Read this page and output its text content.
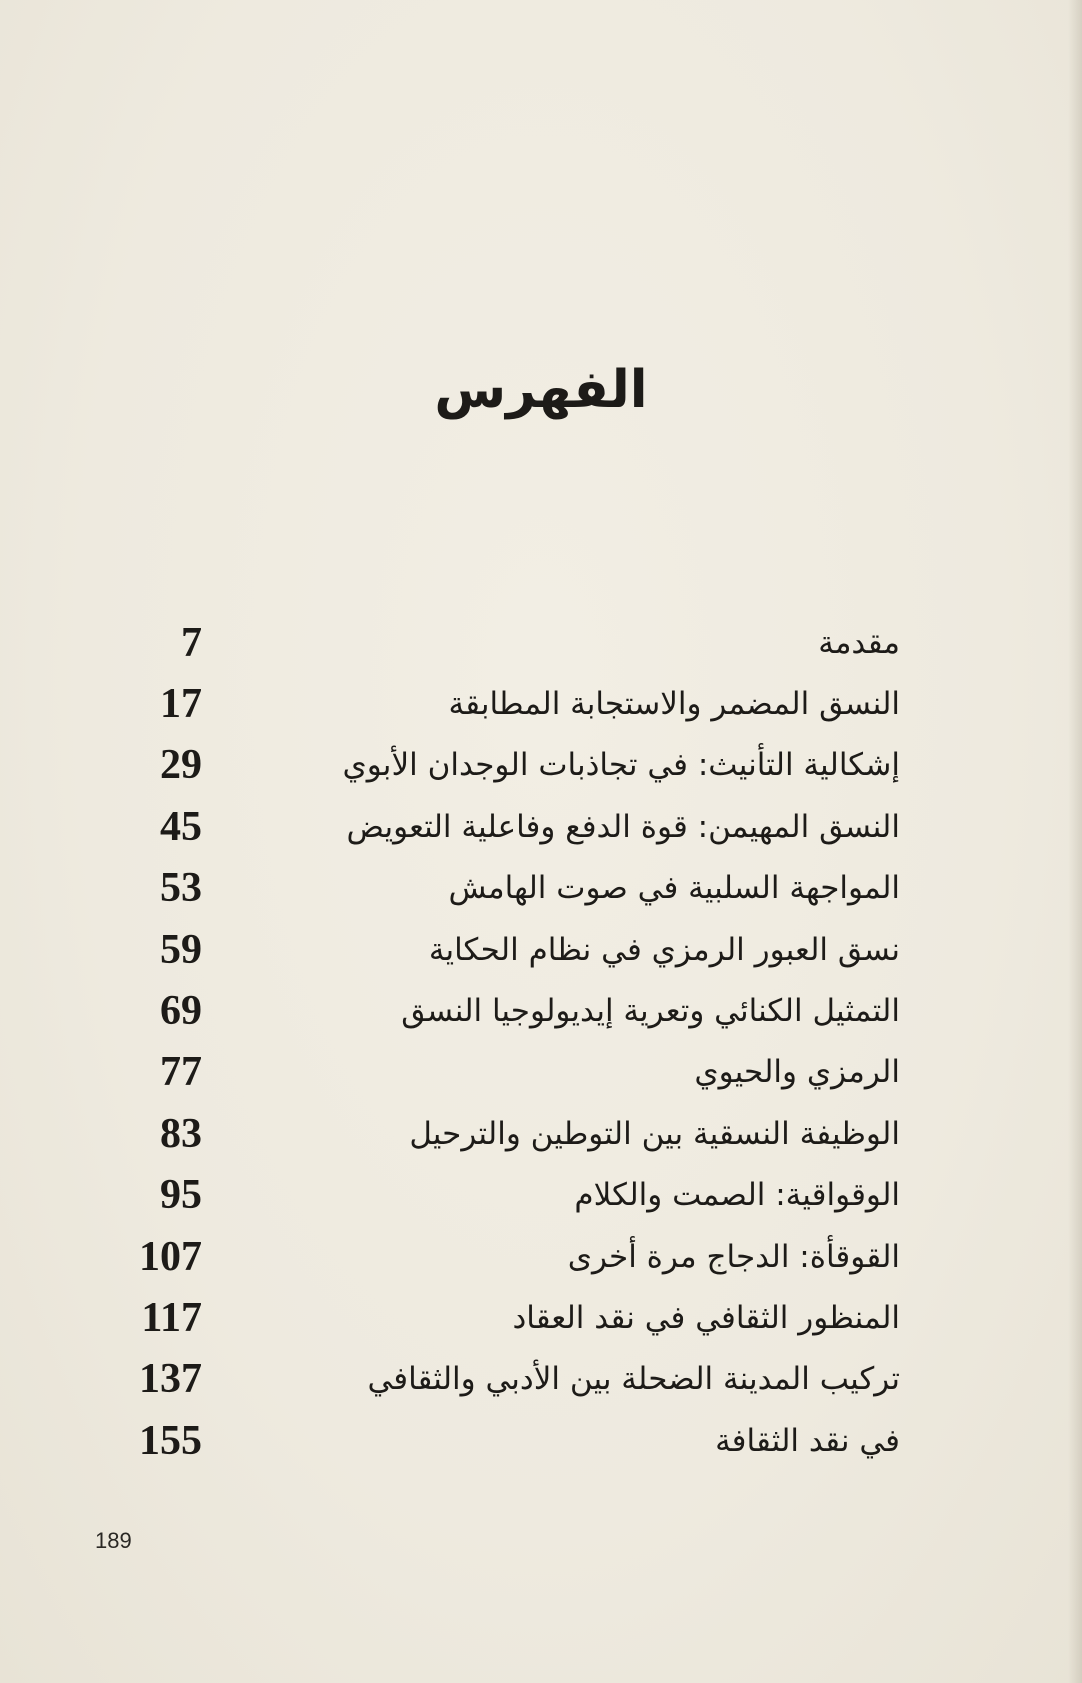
الفهرس
مقدمة
7
النسق المضمر والاستجابة المطابقة
17
إشكالية التأنيث: في تجاذبات الوجدان الأبوي
29
النسق المهيمن: قوة الدفع وفاعلية التعويض
45
المواجهة السلبية في صوت الهامش
53
نسق العبور الرمزي في نظام الحكاية
59
التمثيل الكنائي وتعرية إيديولوجيا النسق
69
الرمزي والحيوي
77
الوظيفة النسقية بين التوطين والترحيل
83
الوقواقية: الصمت والكلام
95
القوقأة: الدجاج مرة أخرى
107
المنظور الثقافي في نقد العقاد
117
تركيب المدينة الضحلة بين الأدبي والثقافي
137
في نقد الثقافة
155
189
